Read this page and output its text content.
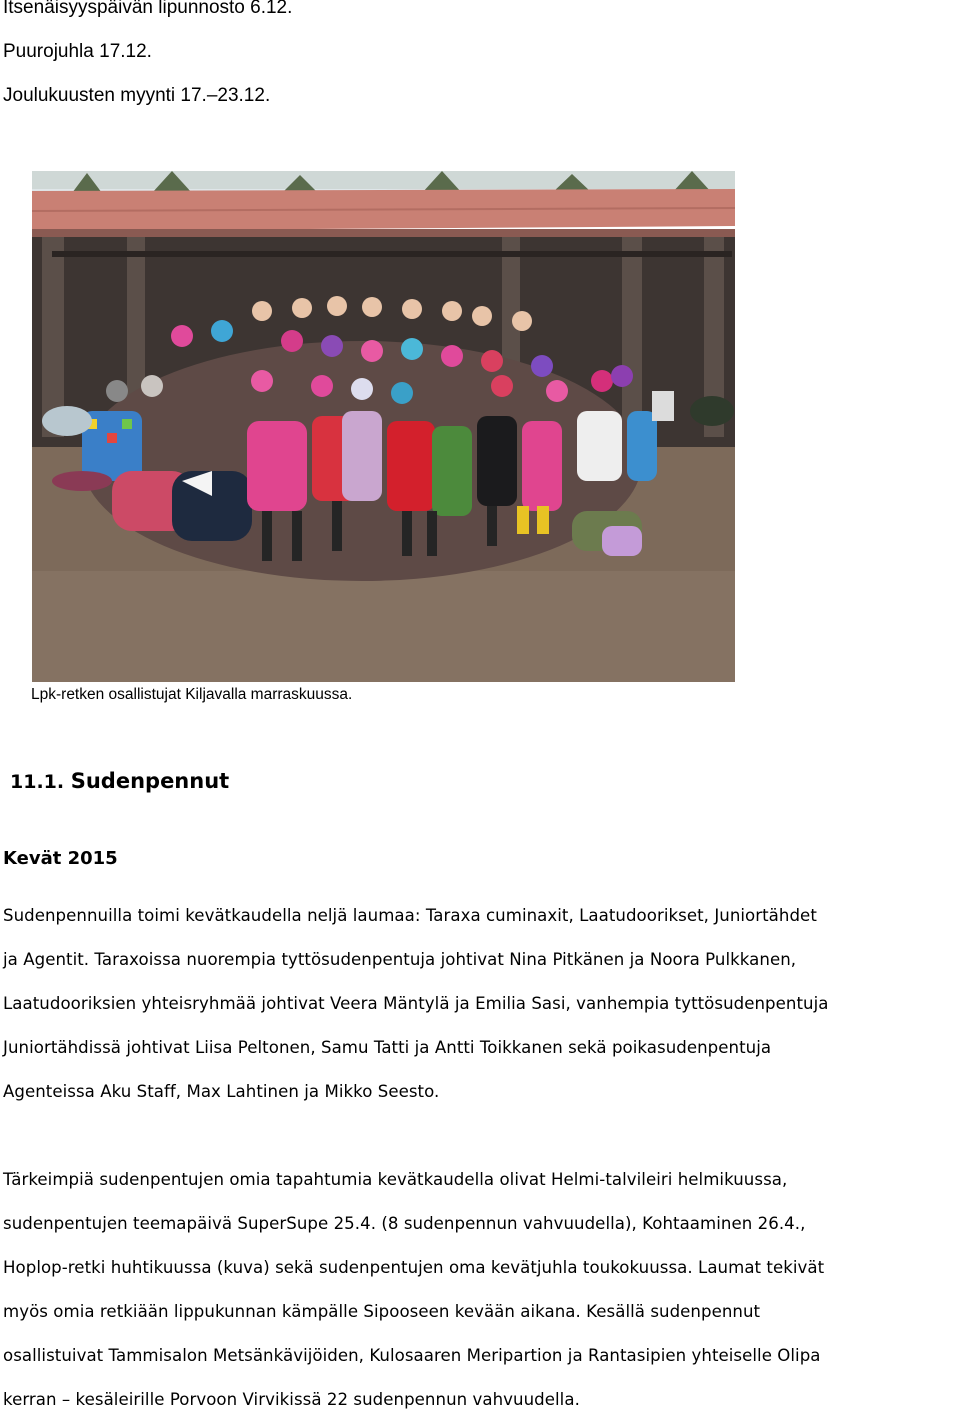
Itsenäisyyspäivän lipunnosto 6.12.
Puurojuhla 17.12.
Joulukuusten myynti 17.–23.12.
Lpk-retken osallistujat Kiljavalla marraskuussa.
11.1. Sudenpennut
Kevät 2015
Sudenpennuilla toimi kevätkaudella neljä laumaa: Taraxa cuminaxit, Laatudoorikset, Juniortähdet
ja Agentit. Taraxoissa nuorempia tyttösudenpentuja johtivat Nina Pitkänen ja Noora Pulkkanen,
Laatudooriksien yhteisryhmää johtivat Veera Mäntylä ja Emilia Sasi, vanhempia tyttösudenpentuja
Juniortähdissä johtivat Liisa Peltonen, Samu Tatti ja Antti Toikkanen sekä poikasudenpentuja
Agenteissa Aku Staff, Max Lahtinen ja Mikko Seesto.
Tärkeimpiä sudenpentujen omia tapahtumia kevätkaudella olivat Helmi-talvileiri helmikuussa,
sudenpentujen teemapäivä SuperSupe 25.4. (8 sudenpennun vahvuudella), Kohtaaminen 26.4.,
Hoplop-retki huhtikuussa (kuva) sekä sudenpentujen oma kevätjuhla toukokuussa. Laumat tekivät
myös omia retkiään lippukunnan kämpälle Sipooseen kevään aikana. Kesällä sudenpennut
osallistuivat Tammisalon Metsänkävijöiden, Kulosaaren Meripartion ja Rantasipien yhteiselle Olipa
kerran – kesäleirille Porvoon Virvikissä 22 sudenpennun vahvuudella.
